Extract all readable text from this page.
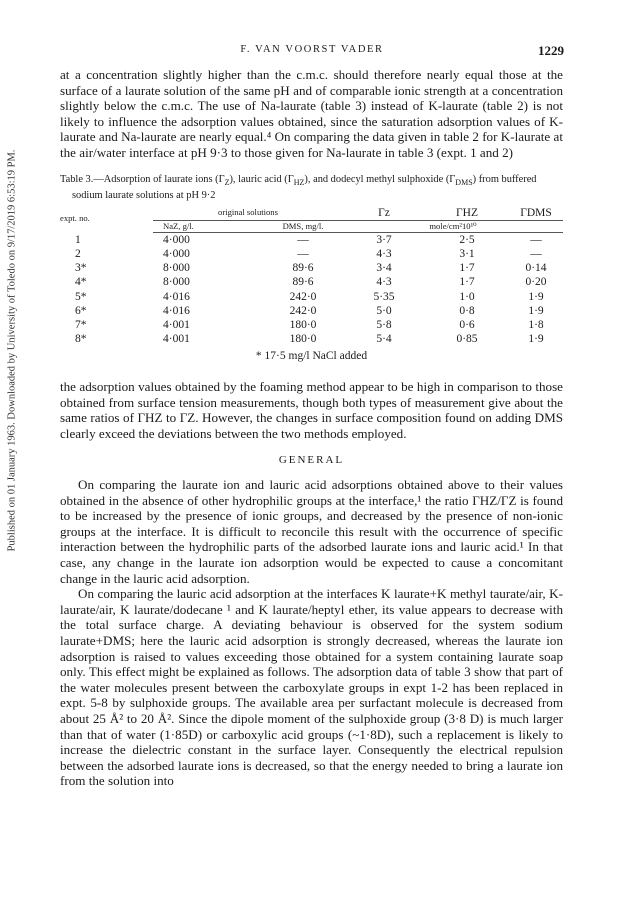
Published on 01 January 1963. Downloaded by University of Toledo on 9/17/2019 6:53:19 PM.
F. VAN VOORST VADER	1229

at a concentration slightly higher than the c.m.c. should therefore nearly equal those at the surface of a laurate solution of the same pH and of comparable ionic strength at a concentration slightly below the c.m.c. The use of Na-laurate (table 3) instead of K-laurate (table 2) is not likely to influence the adsorption values obtained, since the saturation adsorption values of K-laurate and Na-laurate are nearly equal.⁴ On comparing the data given in table 2 for K-laurate at the air/water interface at pH 9·3 to those given for Na-laurate in table 3 (expt. 1 and 2)

Table 3.—Adsorption of laurate ions $(\Gamma_Z)$, lauric acid $(\Gamma_{HZ})$, and dodecyl methyl sulphoxide $(\Gamma_{DMS})$ from buffered sodium laurate solutions at pH 9·2
expt. no.	original solutions		Γz	ΓHZ	ΓDMS
	NaZ, g/l.	DMS, mg/l.	mole/cm²10¹⁰		
1	4·000	—	3·7	2·5	—
2	4·000	—	4·3	3·1	—
3*	8·000	89·6	3·4	1·7	0·14
4*	8·000	89·6	4·3	1·7	0·20
5*	4·016	242·0	5·35	1·0	1·9
6*	4·016	242·0	5·0	0·8	1·9
7*	4·001	180·0	5·8	0·6	1·8
8*	4·001	180·0	5·4	0·85	1·9
* 17·5 mg/l NaCl added

the adsorption values obtained by the foaming method appear to be high in comparison to those obtained from surface tension measurements, though both types of measurement give about the same ratios of ΓHZ to ΓZ. However, the changes in surface composition found on adding DMS clearly exceed the deviations between the two methods employed.

GENERAL

On comparing the laurate ion and lauric acid adsorptions obtained above to their values obtained in the absence of other hydrophilic groups at the interface,¹ the ratio ΓHZ/ΓZ is found to be increased by the presence of ionic groups, and decreased by the presence of non-ionic groups at the interface. It is difficult to reconcile this result with the occurrence of specific interaction between the hydrophilic parts of the adsorbed laurate ions and lauric acid.¹ In that case, any change in the laurate ion adsorption would be expected to cause a concomitant change in the lauric acid adsorption.

On comparing the lauric acid adsorption at the interfaces K laurate+K methyl taurate/air, K-laurate/air, K laurate/dodecane ¹ and K laurate/heptyl ether, its value appears to decrease with the total surface charge. A deviating behaviour is observed for the system sodium laurate+DMS; here the lauric acid adsorption is strongly decreased, whereas the laurate ion adsorption is raised to values exceeding those obtained for a system containing laurate soap only. This effect might be explained as follows. The adsorption data of table 3 show that part of the water molecules present between the carboxylate groups in expt 1-2 has been replaced in expt. 5-8 by sulphoxide groups. The available area per surfactant molecule is decreased from about 25 Å² to 20 Å². Since the dipole moment of the sulphoxide group (3·8 D) is much larger than that of water (1·85D) or carboxylic acid groups (~1·8D), such a replacement is likely to increase the dielectric constant in the surface layer. Consequently the electrical repulsion between the adsorbed laurate ions is decreased, so that the energy needed to bring a laurate ion from the solution into
